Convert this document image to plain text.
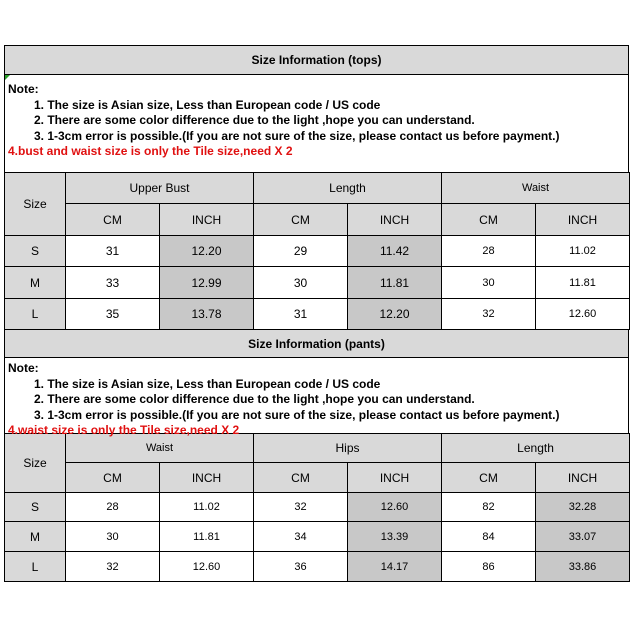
Size Information (tops)
Note:
1. The size is Asian size, Less than European code / US code
2. There are some color difference due to the light ,hope you can understand.
3. 1-3cm error is possible.(If you are not sure of the size, please contact us before payment.)
4.bust and waist size is only the Tile size,need X 2
Size	Upper Bust		Length		Waist	
	CM	INCH	CM	INCH	CM	INCH
S	31	12.20	29	11.42	28	11.02
M	33	12.99	30	11.81	30	11.81
L	35	13.78	31	12.20	32	12.60
Size Information (pants)
Note:
1. The size is Asian size, Less than European code / US code
2. There are some color difference due to the light ,hope you can understand.
3. 1-3cm error is possible.(If you are not sure of the size, please contact us before payment.)
4.waist size is only the Tile size,need X 2
Size	Waist		Hips		Length	
	CM	INCH	CM	INCH	CM	INCH
S	28	11.02	32	12.60	82	32.28
M	30	11.81	34	13.39	84	33.07
L	32	12.60	36	14.17	86	33.86
